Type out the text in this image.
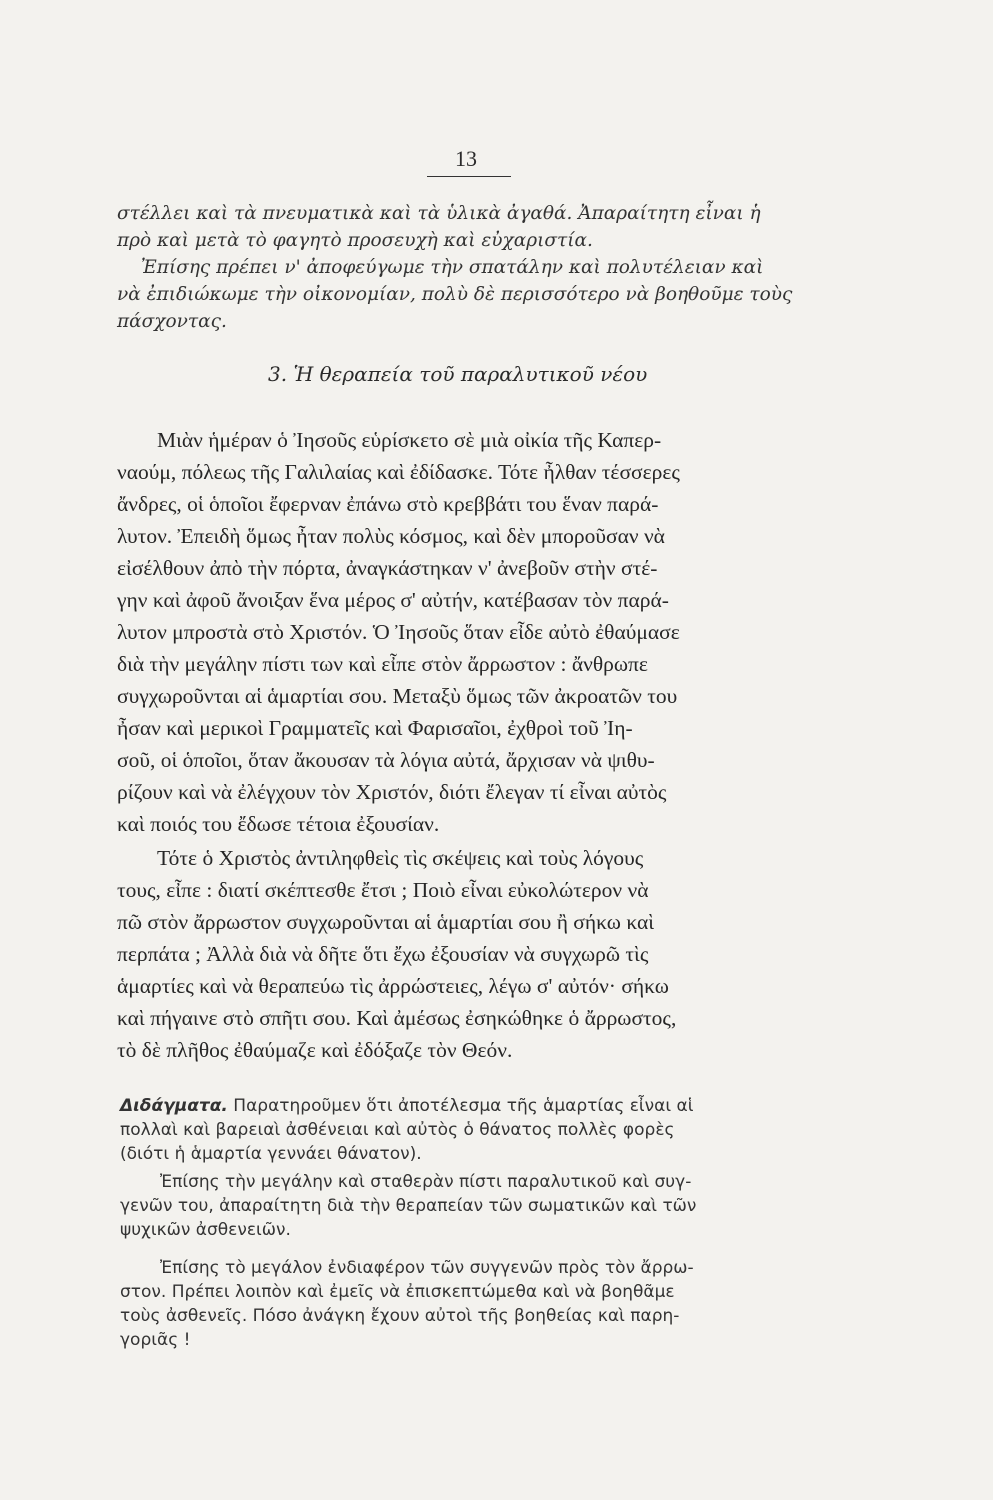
13
στέλλει καὶ τὰ πνευματικὰ καὶ τὰ ὑλικὰ ἀγαθά. Ἀπαραίτητη εἶναι ἡ
πρὸ καὶ μετὰ τὸ φαγητὸ προσευχὴ καὶ εὐχαριστία.
Ἐπίσης πρέπει ν' ἀποφεύγωμε τὴν σπατάλην καὶ πολυτέλειαν καὶ
νὰ ἐπιδιώκωμε τὴν οἰκονομίαν, πολὺ δὲ περισσότερο νὰ βοηθοῦμε τοὺς
πάσχοντας.
3. Ἡ θεραπεία τοῦ παραλυτικοῦ νέου
Μιὰν ἡμέραν ὁ Ἰησοῦς εὑρίσκετο σὲ μιὰ οἰκία τῆς Καπερ-
ναούμ, πόλεως τῆς Γαλιλαίας καὶ ἐδίδασκε. Τότε ἦλθαν τέσσερες
ἄνδρες, οἱ ὁποῖοι ἔφερναν ἐπάνω στὸ κρεββάτι του ἕναν παρά-
λυτον. Ἐπειδὴ ὅμως ἦταν πολὺς κόσμος, καὶ δὲν μποροῦσαν νὰ
εἰσέλθουν ἀπὸ τὴν πόρτα, ἀναγκάστηκαν ν' ἀνεβοῦν στὴν στέ-
γην καὶ ἀφοῦ ἄνοιξαν ἕνα μέρος σ' αὐτήν, κατέβασαν τὸν παρά-
λυτον μπροστὰ στὸ Χριστόν. Ὁ Ἰησοῦς ὅταν εἶδε αὐτὸ ἐθαύμασε
διὰ τὴν μεγάλην πίστι των καὶ εἶπε στὸν ἄρρωστον : ἄνθρωπε
συγχωροῦνται αἱ ἁμαρτίαι σου. Μεταξὺ ὅμως τῶν ἀκροατῶν του
ἦσαν καὶ μερικοὶ Γραμματεῖς καὶ Φαρισαῖοι, ἐχθροὶ τοῦ Ἰη-
σοῦ, οἱ ὁποῖοι, ὅταν ἄκουσαν τὰ λόγια αὐτά, ἄρχισαν νὰ ψιθυ-
ρίζουν καὶ νὰ ἐλέγχουν τὸν Χριστόν, διότι ἔλεγαν τί εἶναι αὐτὸς
καὶ ποιός του ἔδωσε τέτοια ἐξουσίαν.
Τότε ὁ Χριστὸς ἀντιληφθεὶς τὶς σκέψεις καὶ τοὺς λόγους
τους, εἶπε : διατί σκέπτεσθε ἔτσι ; Ποιὸ εἶναι εὐκολώτερον νὰ
πῶ στὸν ἄρρωστον συγχωροῦνται αἱ ἁμαρτίαι σου ἢ σήκω καὶ
περπάτα ; Ἀλλὰ διὰ νὰ δῆτε ὅτι ἔχω ἐξουσίαν νὰ συγχωρῶ τὶς
ἁμαρτίες καὶ νὰ θεραπεύω τὶς ἀρρώστειες, λέγω σ' αὐτόν· σήκω
καὶ πήγαινε στὸ σπῆτι σου. Καὶ ἀμέσως ἐσηκώθηκε ὁ ἄρρωστος,
τὸ δὲ πλῆθος ἐθαύμαζε καὶ ἐδόξαζε τὸν Θεόν.
Διδάγματα. Παρατηροῦμεν ὅτι ἀποτέλεσμα τῆς ἁμαρτίας εἶναι αἱ
πολλαὶ καὶ βαρειαὶ ἀσθένειαι καὶ αὐτὸς ὁ θάνατος πολλὲς φορὲς
(διότι ἡ ἁμαρτία γεννάει θάνατον).
Ἐπίσης τὴν μεγάλην καὶ σταθερὰν πίστι παραλυτικοῦ καὶ συγ-
γενῶν του, ἀπαραίτητη διὰ τὴν θεραπείαν τῶν σωματικῶν καὶ τῶν
ψυχικῶν ἀσθενειῶν.
Ἐπίσης τὸ μεγάλον ἐνδιαφέρον τῶν συγγενῶν πρὸς τὸν ἄρρω-
στον. Πρέπει λοιπὸν καὶ ἐμεῖς νὰ ἐπισκεπτώμεθα καὶ νὰ βοηθᾶμε
τοὺς ἀσθενεῖς. Πόσο ἀνάγκη ἔχουν αὐτοὶ τῆς βοηθείας καὶ παρη-
γοριᾶς !
